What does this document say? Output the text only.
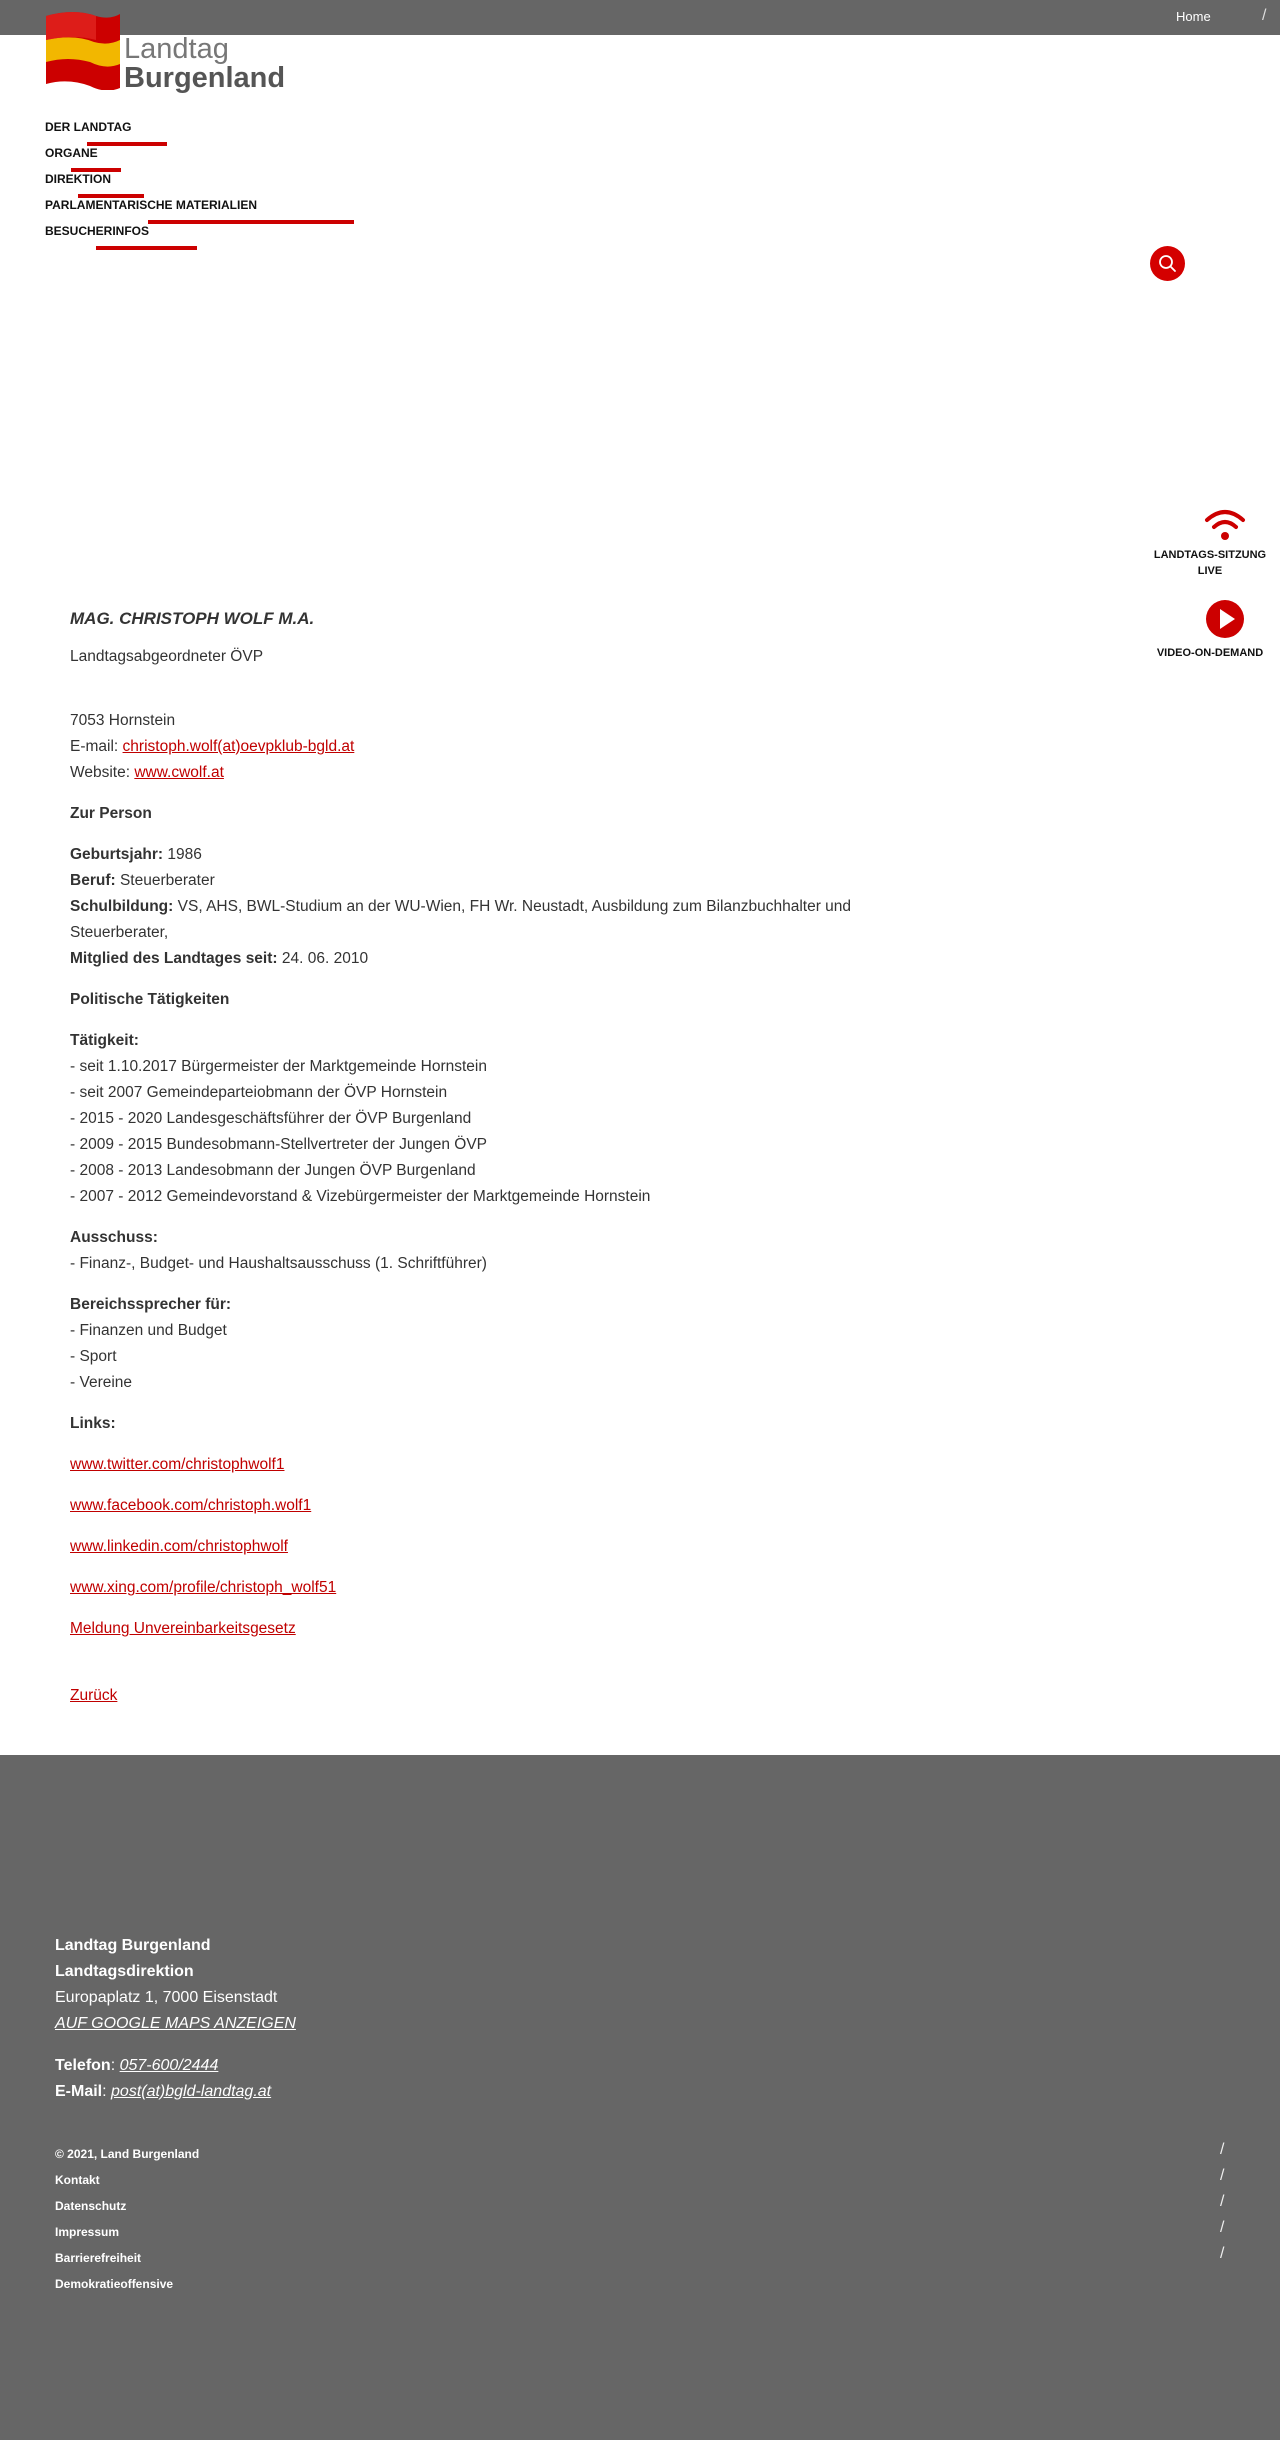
Home	/
Landtag
Burgenland
DER LANDTAG
ORGANE
DIREKTION
PARLAMENTARISCHE MATERIALIEN
BESUCHERINFOS
LANDTAGS-SITZUNG LIVE
VIDEO-ON-DEMAND

MAG. CHRISTOPH WOLF M.A.

Landtagsabgeordneter ÖVP

7053 Hornstein

E-mail: christoph.wolf(at)oevpklub-bgld.at

Website: www.cwolf.at

Zur Person

Geburtsjahr: 1986

Beruf: Steuerberater

Schulbildung: VS, AHS, BWL-Studium an der WU-Wien, FH Wr. Neustadt, Ausbildung zum Bilanzbuchhalter und Steuerberater,

Mitglied des Landtages seit: 24. 06. 2010

Politische Tätigkeiten

Tätigkeit:

- seit 1.10.2017 Bürgermeister der Marktgemeinde Hornstein

- seit 2007 Gemeindeparteiobmann der ÖVP Hornstein

- 2015 - 2020 Landesgeschäftsführer der ÖVP Burgenland

- 2009 - 2015 Bundesobmann-Stellvertreter der Jungen ÖVP

- 2008 - 2013 Landesobmann der Jungen ÖVP Burgenland

- 2007 - 2012 Gemeindevorstand & Vizebürgermeister der Marktgemeinde Hornstein

Ausschuss:

- Finanz-, Budget- und Haushaltsausschuss (1. Schriftführer)

Bereichssprecher für:

- Finanzen und Budget

- Sport

- Vereine

Links:

www.twitter.com/christophwolf1

www.facebook.com/christoph.wolf1

www.linkedin.com/christophwolf

www.xing.com/profile/christoph_wolf51

Meldung Unvereinbarkeitsgesetz

Zurück

Landtag Burgenland
Landtagsdirektion
Europaplatz 1, 7000 Eisenstadt
AUF GOOGLE MAPS ANZEIGEN
Telefon: 057-600/2444
E-Mail: post(at)bgld-landtag.at
© 2021, Land Burgenland
Kontakt
Datenschutz
Impressum
Barrierefreiheit
Demokratieoffensive
/
/
/
/
/
